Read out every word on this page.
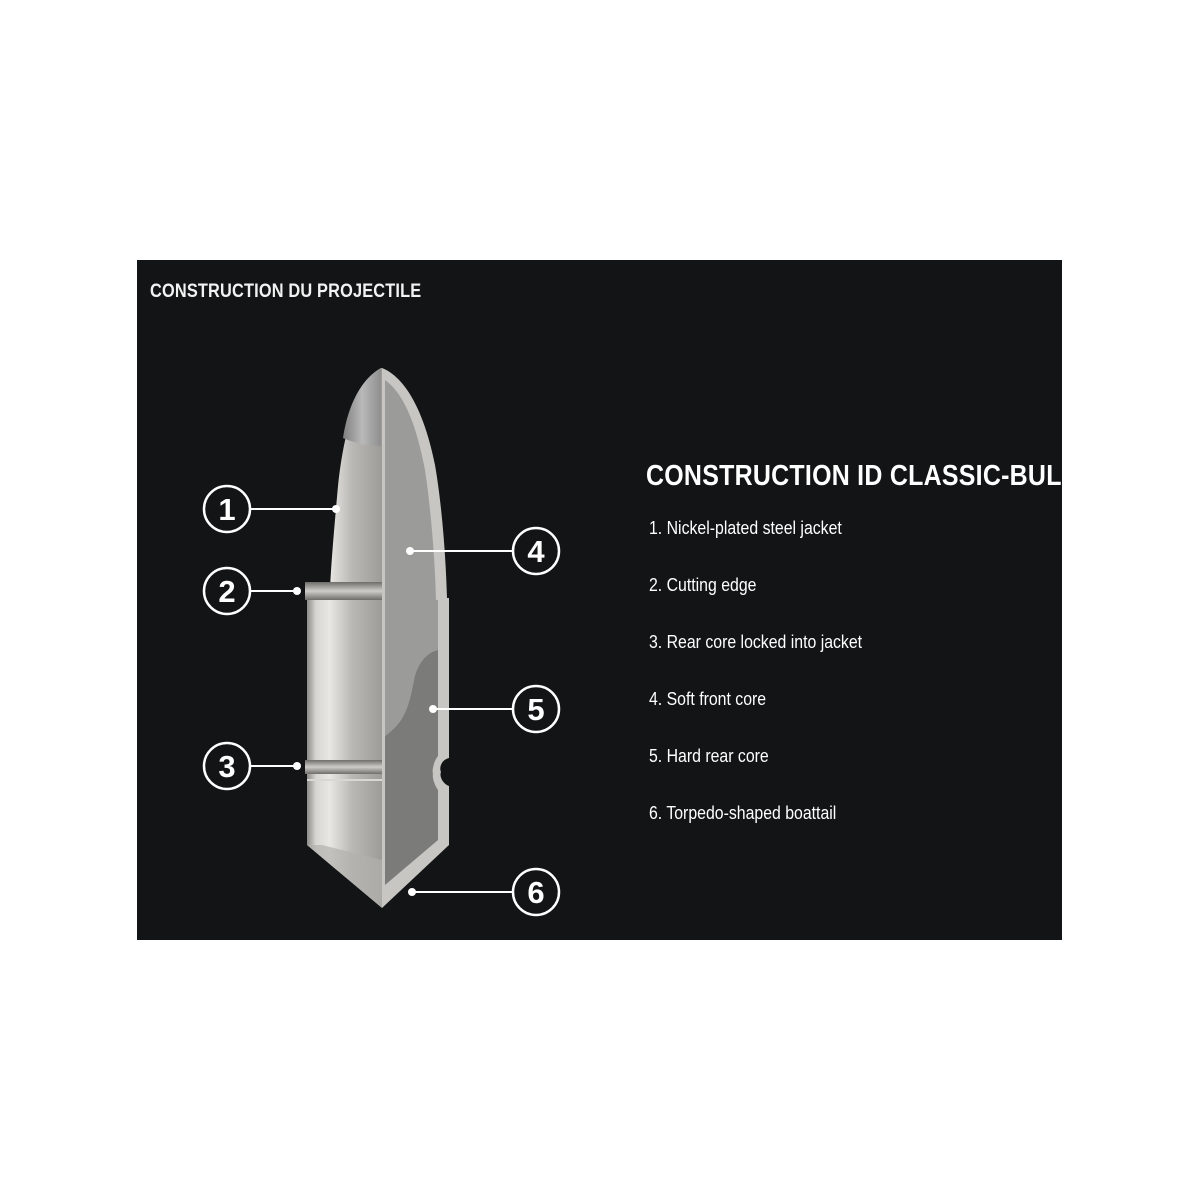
CONSTRUCTION DU PROJECTILE
1
2
3
4
5
6
CONSTRUCTION ID CLASSIC-BULLET
1. Nickel-plated steel jacket
2. Cutting edge
3. Rear core locked into jacket
4. Soft front core
5. Hard rear core
6. Torpedo-shaped boattail
